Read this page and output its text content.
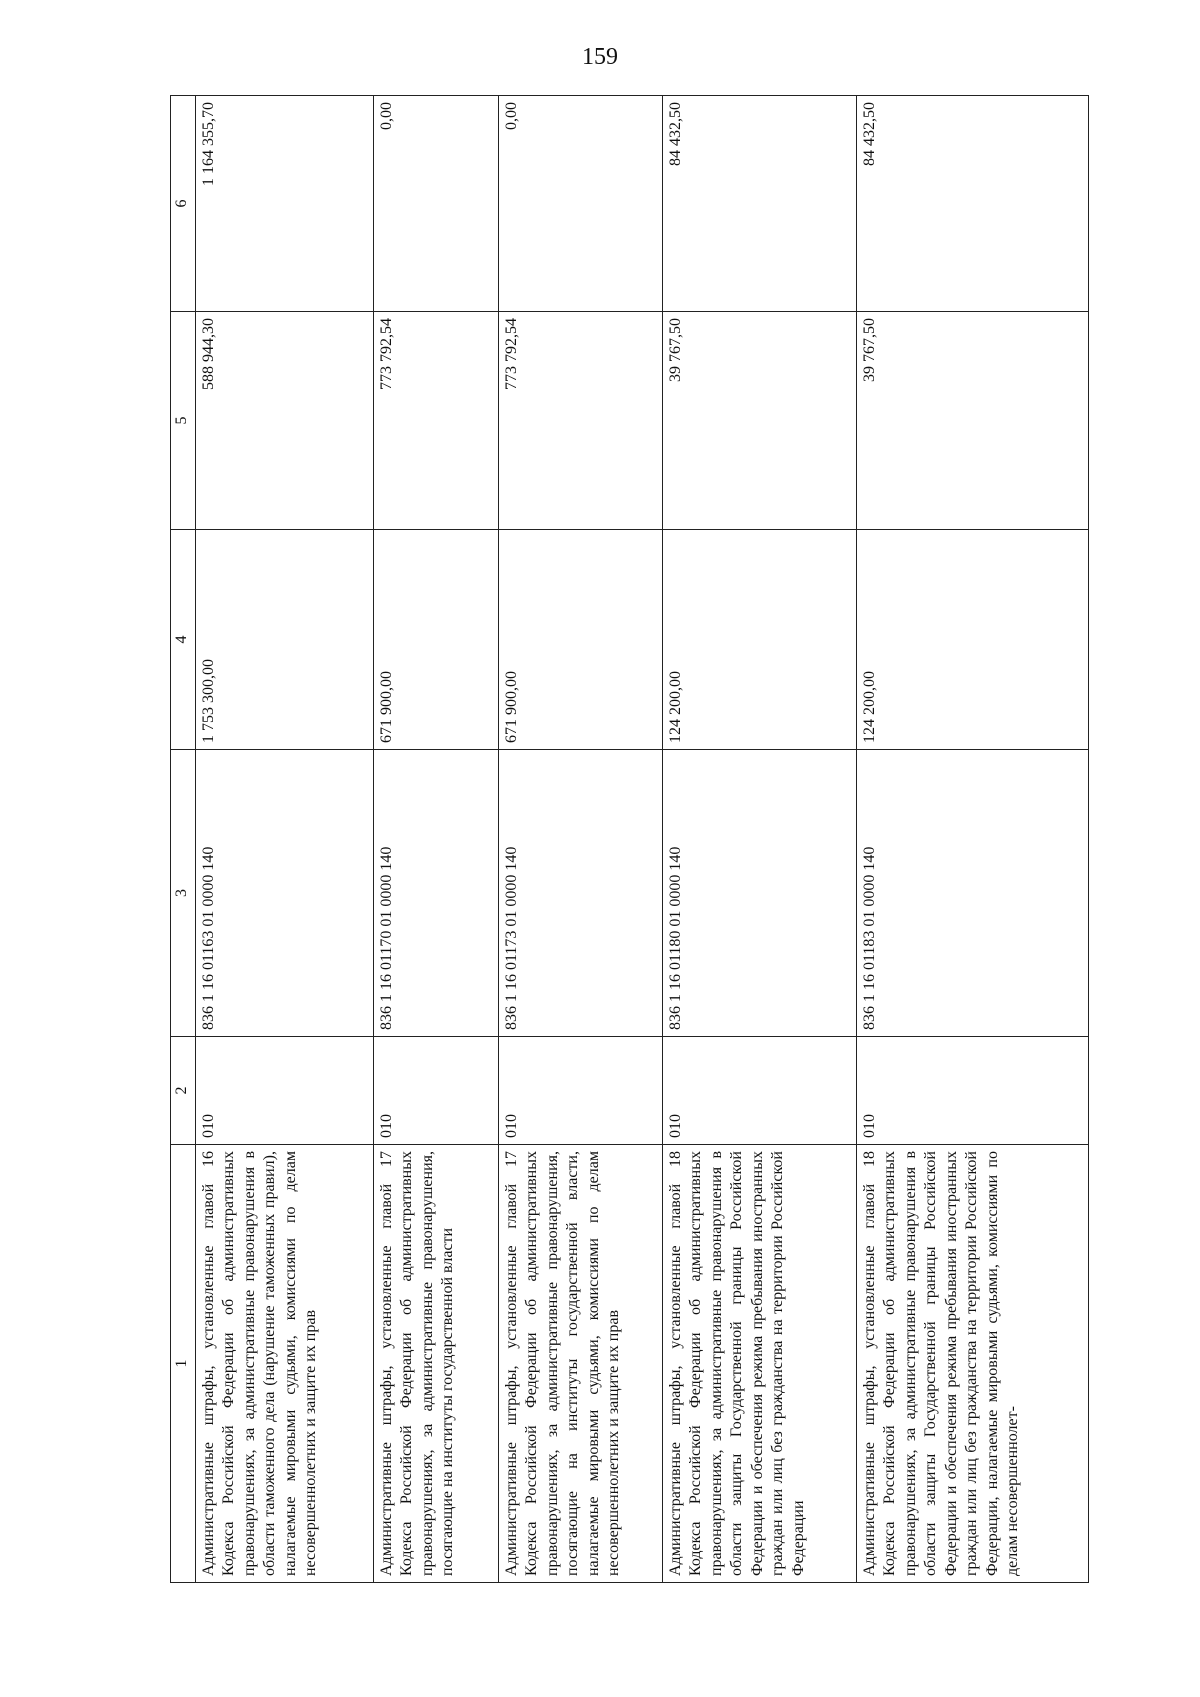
159
1	2	3	4	5	6
Административные штрафы, установленные главой 16 Кодекса Российской Федерации об административных правонарушениях, за административные правонарушения в области таможенного дела (нарушение таможенных правил), налагаемые мировыми судьями, комиссиями по делам несовершеннолетних и защите их прав	010	836 1 16 01163 01 0000 140	1 753 300,00	588 944,30	1 164 355,70
Административные штрафы, установленные главой 17 Кодекса Российской Федерации об административных правонарушениях, за административные правонарушения, посягающие на институты государственной власти	010	836 1 16 01170 01 0000 140	671 900,00	773 792,54	0,00
Административные штрафы, установленные главой 17 Кодекса Российской Федерации об административных правонарушениях, за административные правонарушения, посягающие на институты государственной власти, налагаемые мировыми судьями, комиссиями по делам несовершеннолетних и защите их прав	010	836 1 16 01173 01 0000 140	671 900,00	773 792,54	0,00
Административные штрафы, установленные главой 18 Кодекса Российской Федерации об административных правонарушениях, за административные правонарушения в области защиты Государственной границы Российской Федерации и обеспечения режима пребывания иностранных граждан или лиц без гражданства на территории Российской Федерации	010	836 1 16 01180 01 0000 140	124 200,00	39 767,50	84 432,50
Административные штрафы, установленные главой 18 Кодекса Российской Федерации об административных правонарушениях, за административные правонарушения в области защиты Государственной границы Российской Федерации и обеспечения режима пребывания иностранных граждан или лиц без гражданства на территории Российской Федерации, налагаемые мировыми судьями, комиссиями по делам несовершеннолет-	010	836 1 16 01183 01 0000 140	124 200,00	39 767,50	84 432,50
